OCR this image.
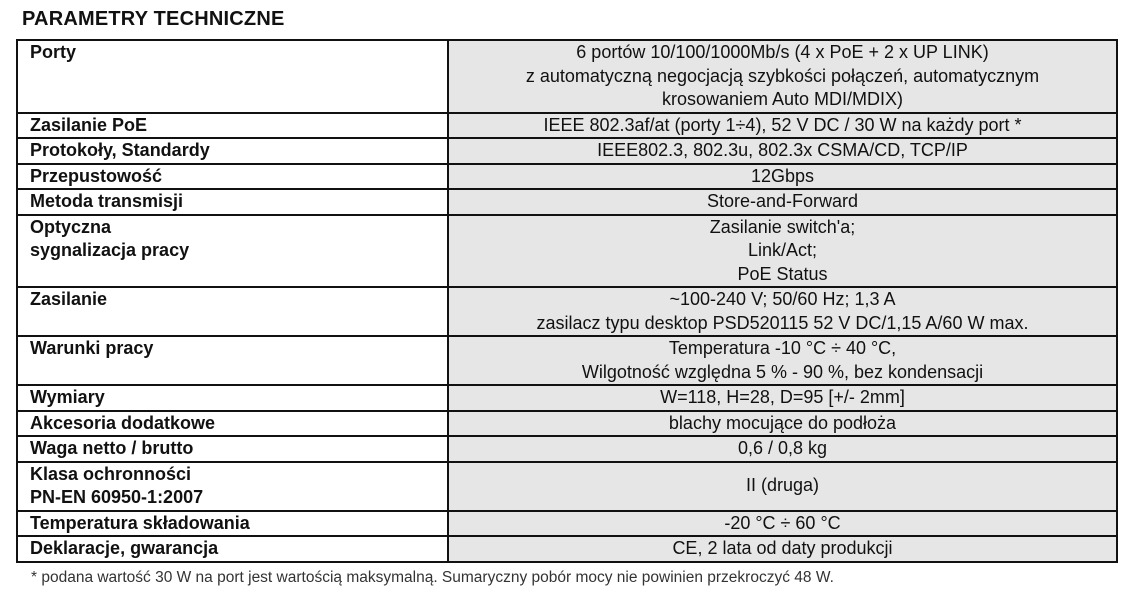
PARAMETRY TECHNICZNE
Porty	6 portów 10/100/1000Mb/s (4 x PoE + 2 x UP LINK)
z automatyczną negocjacją szybkości połączeń, automatycznym
krosowaniem Auto MDI/MDIX)

Zasilanie PoE	IEEE 802.3af/at (porty 1÷4), 52 V DC / 30 W na każdy port *

Protokoły, Standardy	IEEE802.3, 802.3u, 802.3x CSMA/CD, TCP/IP

Przepustowość	12Gbps

Metoda transmisji	Store-and-Forward

Optyczna
sygnalizacja pracy	Zasilanie switch'a;
Link/Act;
PoE Status

Zasilanie	~100-240 V; 50/60 Hz; 1,3 A
zasilacz typu desktop PSD520115 52 V DC/1,15 A/60 W max.

Warunki pracy	Temperatura -10 °C ÷ 40 °C,
Wilgotność względna 5 % - 90 %, bez kondensacji

Wymiary	W=118, H=28, D=95 [+/- 2mm]

Akcesoria dodatkowe	blachy mocujące do podłoża

Waga netto / brutto	0,6 / 0,8 kg

Klasa ochronności
PN-EN 60950-1:2007	II (druga)

Temperatura składowania	-20 °C ÷ 60 °C

Deklaracje, gwarancja	CE, 2 lata od daty produkcji
* podana wartość 30 W na port jest wartością maksymalną. Sumaryczny pobór mocy nie powinien przekroczyć 48 W.
